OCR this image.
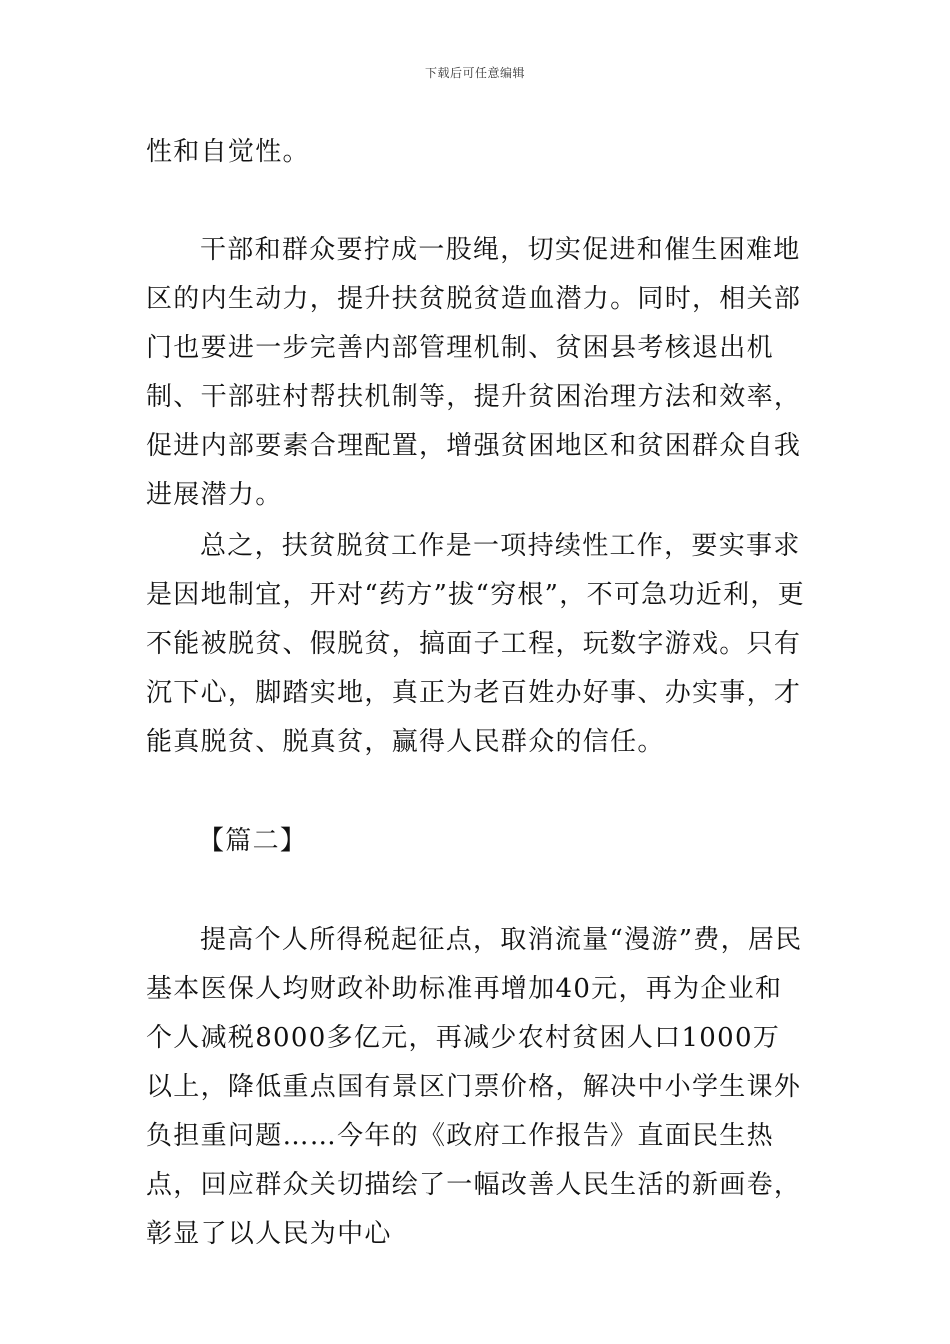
下载后可任意编辑

性和自觉性。

干部和群众要拧成一股绳，切实促进和催生困难地区的内生动力，提升扶贫脱贫造血潜力。同时，相关部门也要进一步完善内部管理机制、贫困县考核退出机制、干部驻村帮扶机制等，提升贫困治理方法和效率，促进内部要素合理配置，增强贫困地区和贫困群众自我进展潜力。

总之，扶贫脱贫工作是一项持续性工作，要实事求是因地制宜，开对“药方”拔“穷根”，不可急功近利，更不能被脱贫、假脱贫，搞面子工程，玩数字游戏。只有沉下心，脚踏实地，真正为老百姓办好事、办实事，才能真脱贫、脱真贫，赢得人民群众的信任。

【篇二】

提高个人所得税起征点，取消流量“漫游”费，居民基本医保人均财政补助标准再增加40元，再为企业和个人减税8000多亿元，再减少农村贫困人口1000万以上，降低重点国有景区门票价格，解决中小学生课外负担重问题……今年的《政府工作报告》直面民生热点，回应群众关切描绘了一幅改善人民生活的新画卷，彰显了以人民为中心
